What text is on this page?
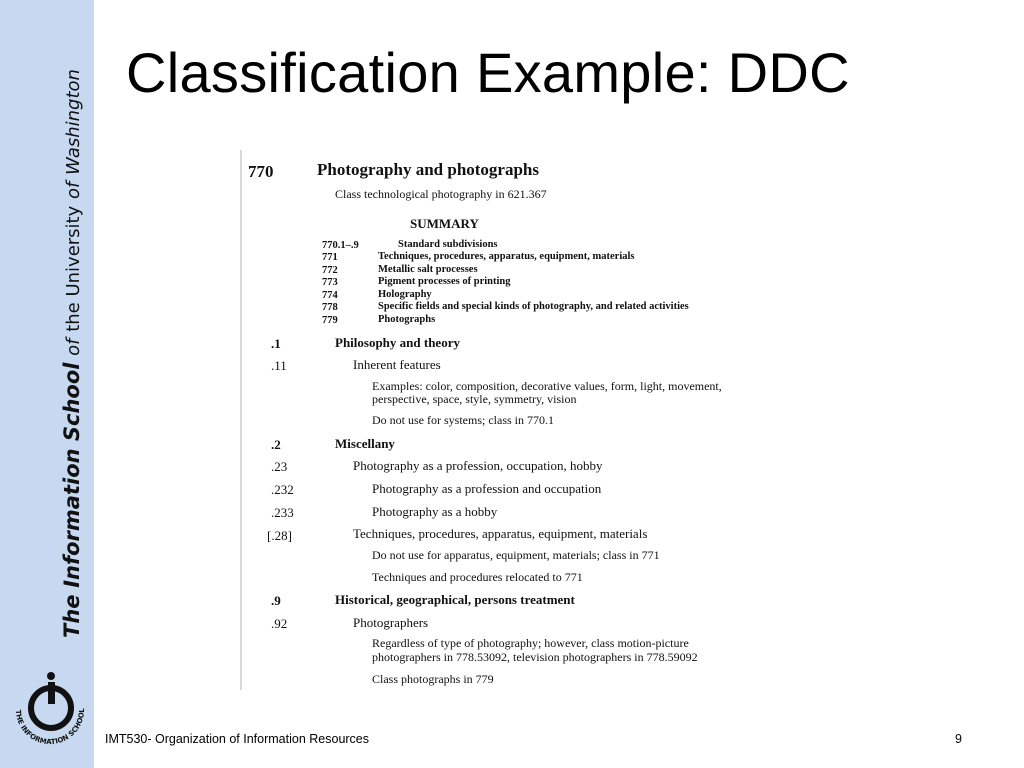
The Information School of the University of Washington
THE INFORMATION SCHOOL
Classification Example: DDC
770	Photography and photographs
Class technological photography in 621.367
SUMMARY
770.1–.9	Standard subdivisions
771	Techniques, procedures, apparatus, equipment, materials
772	Metallic salt processes
773	Pigment processes of printing
774	Holography
778	Specific fields and special kinds of photography, and related activities
779	Photographs
.1	Philosophy and theory
.11	Inherent features
Examples: color, composition, decorative values, form, light, movement,
perspective, space, style, symmetry, vision
Do not use for systems; class in 770.1
.2	Miscellany
.23	Photography as a profession, occupation, hobby
.232	Photography as a profession and occupation
.233	Photography as a hobby
[.28]	Techniques, procedures, apparatus, equipment, materials
Do not use for apparatus, equipment, materials; class in 771
Techniques and procedures relocated to 771
.9	Historical, geographical, persons treatment
.92	Photographers
Regardless of type of photography; however, class motion-picture
photographers in 778.53092, television photographers in 778.59092
Class photographs in 779
IMT530- Organization of Information Resources	9
